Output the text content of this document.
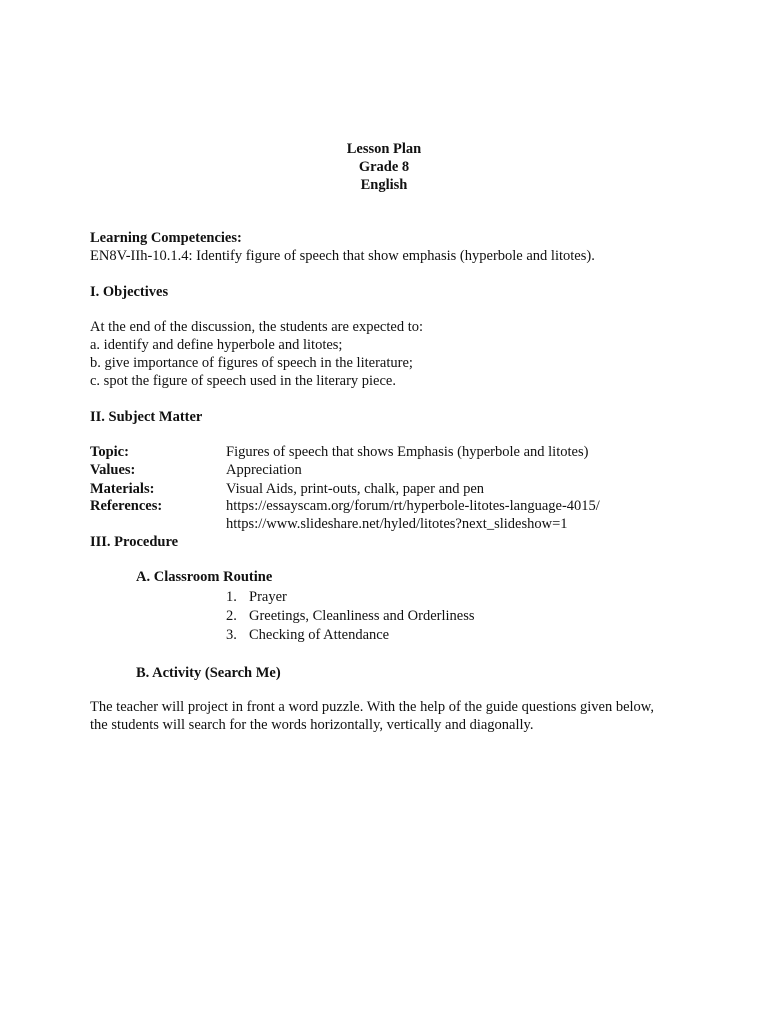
Lesson Plan
Grade 8
English
Learning Competencies:
EN8V-IIh-10.1.4: Identify figure of speech that show emphasis (hyperbole and litotes).
I. Objectives
At the end of the discussion, the students are expected to:
a. identify and define hyperbole and litotes;
b. give importance of figures of speech in the literature;
c. spot the figure of speech used in the literary piece.
II. Subject Matter
Topic:	Figures of speech that shows Emphasis (hyperbole and litotes)
Values:	Appreciation
Materials:	Visual Aids, print-outs, chalk, paper and pen
References:	https://essayscam.org/forum/rt/hyperbole-litotes-language-4015/
https://www.slideshare.net/hyled/litotes?next_slideshow=1
III. Procedure
A. Classroom Routine
1. Prayer
2. Greetings, Cleanliness and Orderliness
3. Checking of Attendance
B. Activity (Search Me)
The teacher will project in front a word puzzle. With the help of the guide questions given below,
the students will search for the words horizontally, vertically and diagonally.
